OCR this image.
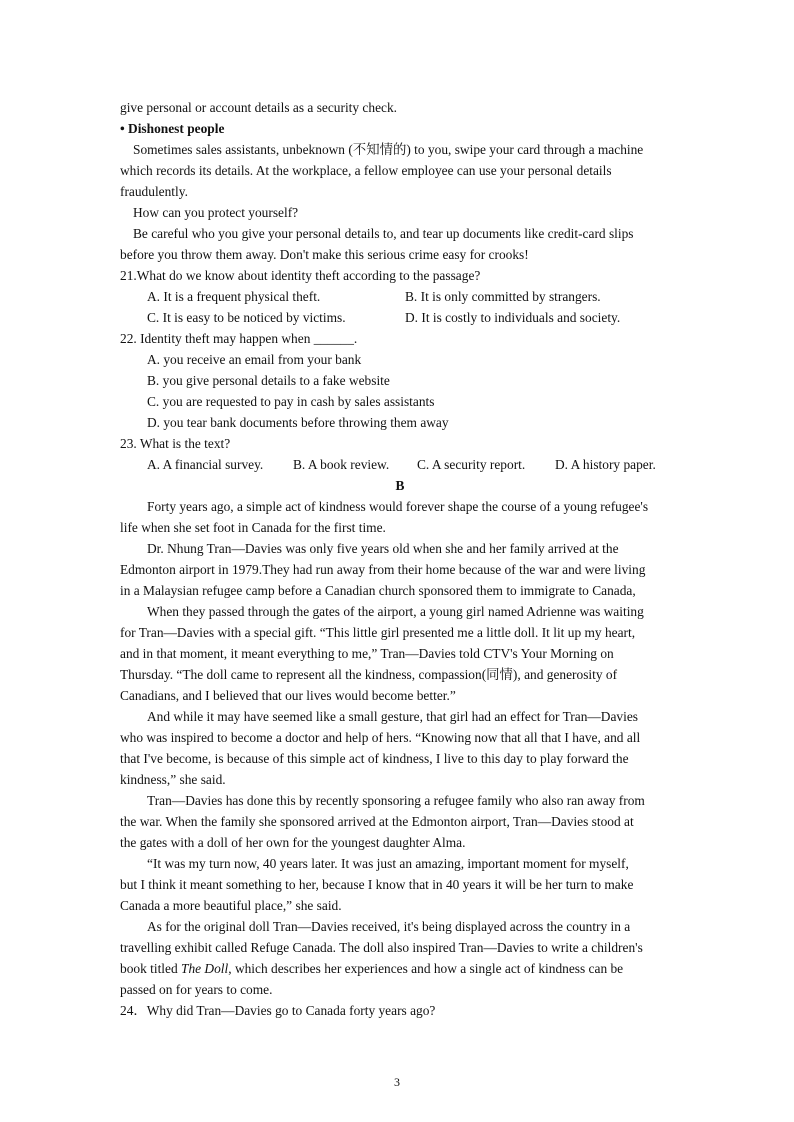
give personal or account details as a security check.
• Dishonest people
Sometimes sales assistants, unbeknown (不知情的) to you, swipe your card through a machine
which records its details. At the workplace, a fellow employee can use your personal details
fraudulently.
How can you protect yourself?
Be careful who you give your personal details to, and tear up documents like credit-card slips
before you throw them away. Don't make this serious crime easy for crooks!
21.What do we know about identity theft according to the passage?
A. It is a frequent physical theft.	B. It is only committed by strangers.
C. It is easy to be noticed by victims.	D. It is costly to individuals and society.
22. Identity theft may happen when ______.
A. you receive an email from your bank
B. you give personal details to a fake website
C. you are requested to pay in cash by sales assistants
D. you tear bank documents before throwing them away
23. What is the text?
A. A financial survey. B. A book review. C. A security report. D. A history paper.
B
Forty years ago, a simple act of kindness would forever shape the course of a young refugee's
life when she set foot in Canada for the first time.
Dr. Nhung Tran—Davies was only five years old when she and her family arrived at the
Edmonton airport in 1979.They had run away from their home because of the war and were living
in a Malaysian refugee camp before a Canadian church sponsored them to immigrate to Canada,
When they passed through the gates of the airport, a young girl named Adrienne was waiting
for Tran—Davies with a special gift. “This little girl presented me a little doll. It lit up my heart,
and in that moment, it meant everything to me,” Tran—Davies told CTV's Your Morning on
Thursday. “The doll came to represent all the kindness, compassion(同情), and generosity of
Canadians, and I believed that our lives would become better.”
And while it may have seemed like a small gesture, that girl had an effect for Tran—Davies
who was inspired to become a doctor and help of hers. “Knowing now that all that I have, and all
that I've become, is because of this simple act of kindness, I live to this day to play forward the
kindness,” she said.
Tran—Davies has done this by recently sponsoring a refugee family who also ran away from
the war. When the family she sponsored arrived at the Edmonton airport, Tran—Davies stood at
the gates with a doll of her own for the youngest daughter Alma.
“It was my turn now, 40 years later. It was just an amazing, important moment for myself,
but I think it meant something to her, because I know that in 40 years it will be her turn to make
Canada a more beautiful place,” she said.
As for the original doll Tran—Davies received, it's being displayed across the country in a
travelling exhibit called Refuge Canada. The doll also inspired Tran—Davies to write a children's
book titled The Doll, which describes her experiences and how a single act of kindness can be
passed on for years to come.
24．Why did Tran—Davies go to Canada forty years ago?
3
